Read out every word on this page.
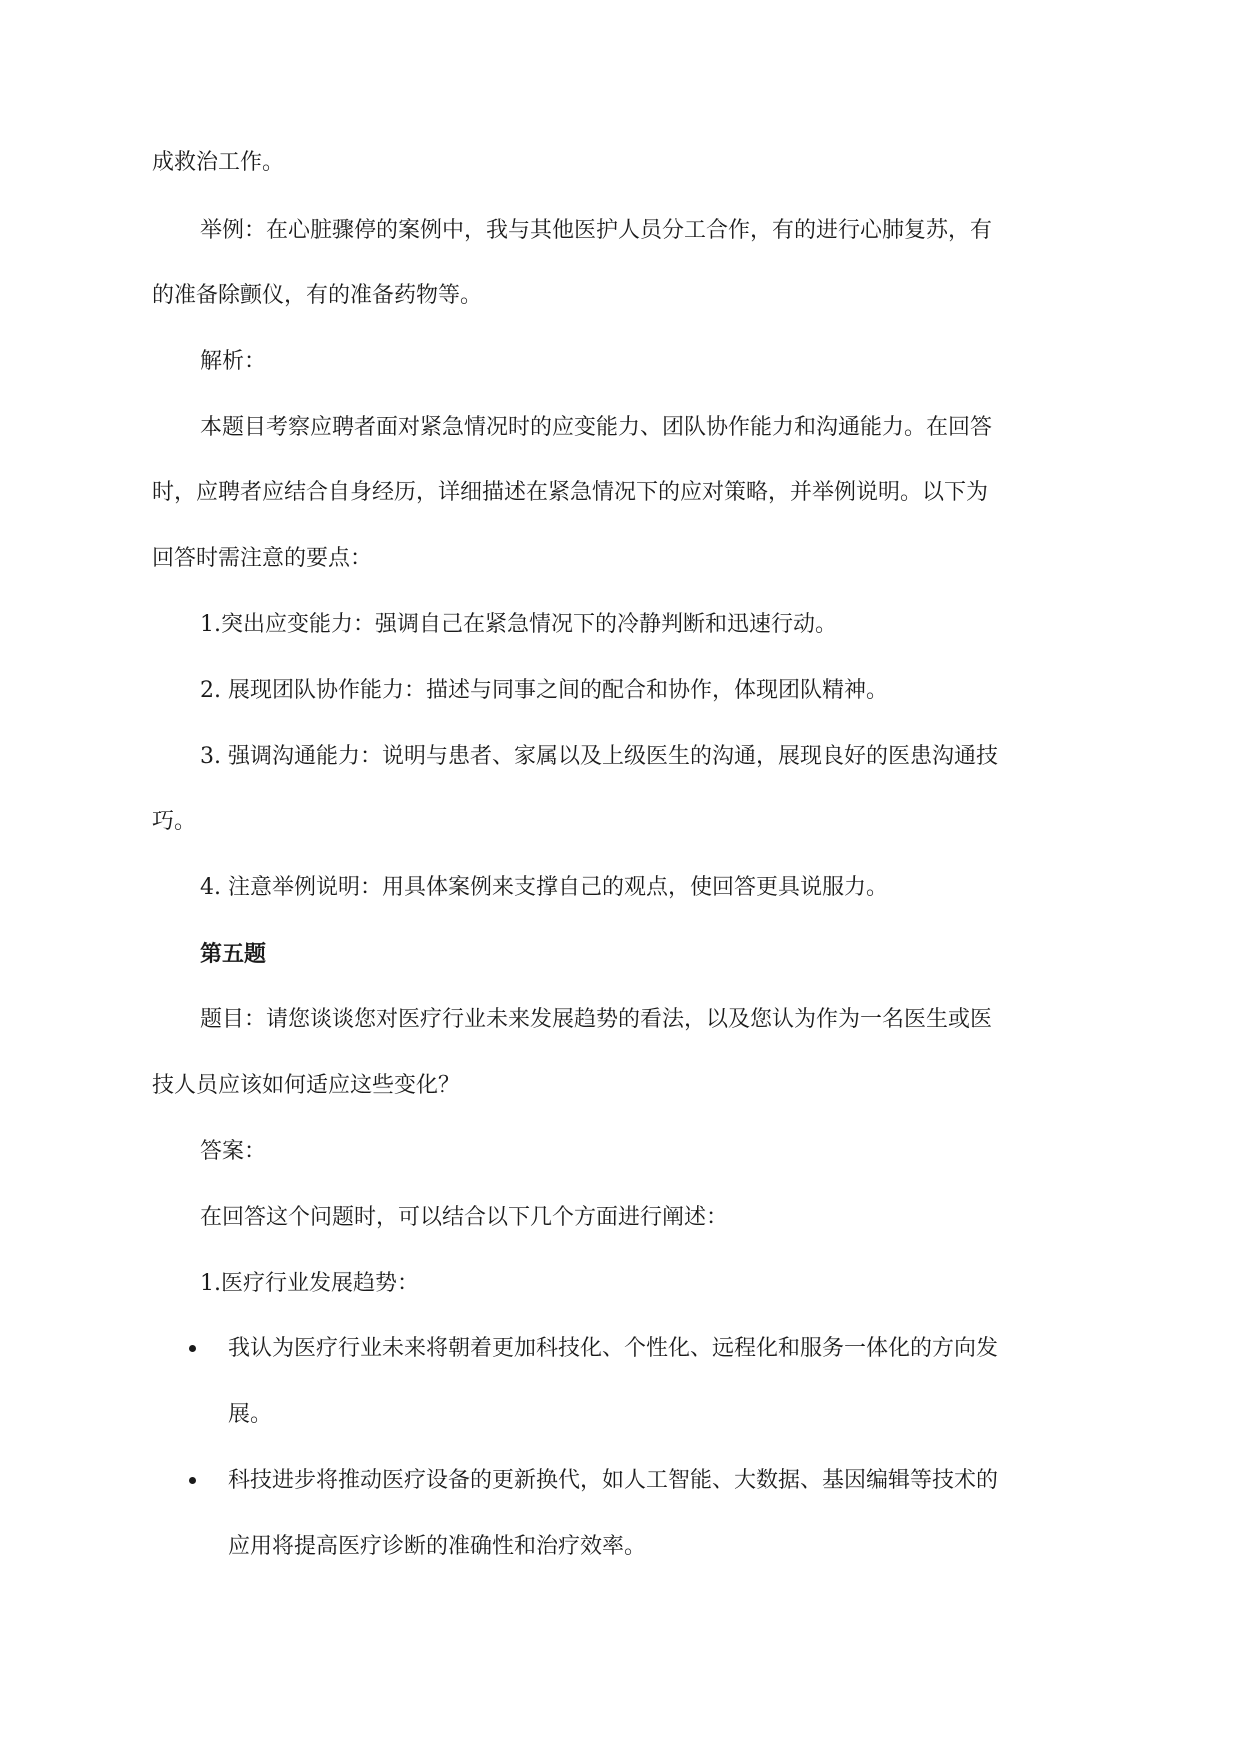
成救治工作。
举例：在心脏骤停的案例中，我与其他医护人员分工合作，有的进行心肺复苏，有
的准备除颤仪，有的准备药物等。
解析：
本题目考察应聘者面对紧急情况时的应变能力、团队协作能力和沟通能力。在回答
时，应聘者应结合自身经历，详细描述在紧急情况下的应对策略，并举例说明。以下为
回答时需注意的要点：
1.突出应变能力：强调自己在紧急情况下的冷静判断和迅速行动。
2. 展现团队协作能力：描述与同事之间的配合和协作，体现团队精神。
3. 强调沟通能力：说明与患者、家属以及上级医生的沟通，展现良好的医患沟通技
巧。
4. 注意举例说明：用具体案例来支撑自己的观点，使回答更具说服力。
第五题
题目：请您谈谈您对医疗行业未来发展趋势的看法，以及您认为作为一名医生或医
技人员应该如何适应这些变化？
答案：
在回答这个问题时，可以结合以下几个方面进行阐述：
1.医疗行业发展趋势：
我认为医疗行业未来将朝着更加科技化、个性化、远程化和服务一体化的方向发
展。
科技进步将推动医疗设备的更新换代，如人工智能、大数据、基因编辑等技术的
应用将提高医疗诊断的准确性和治疗效率。
